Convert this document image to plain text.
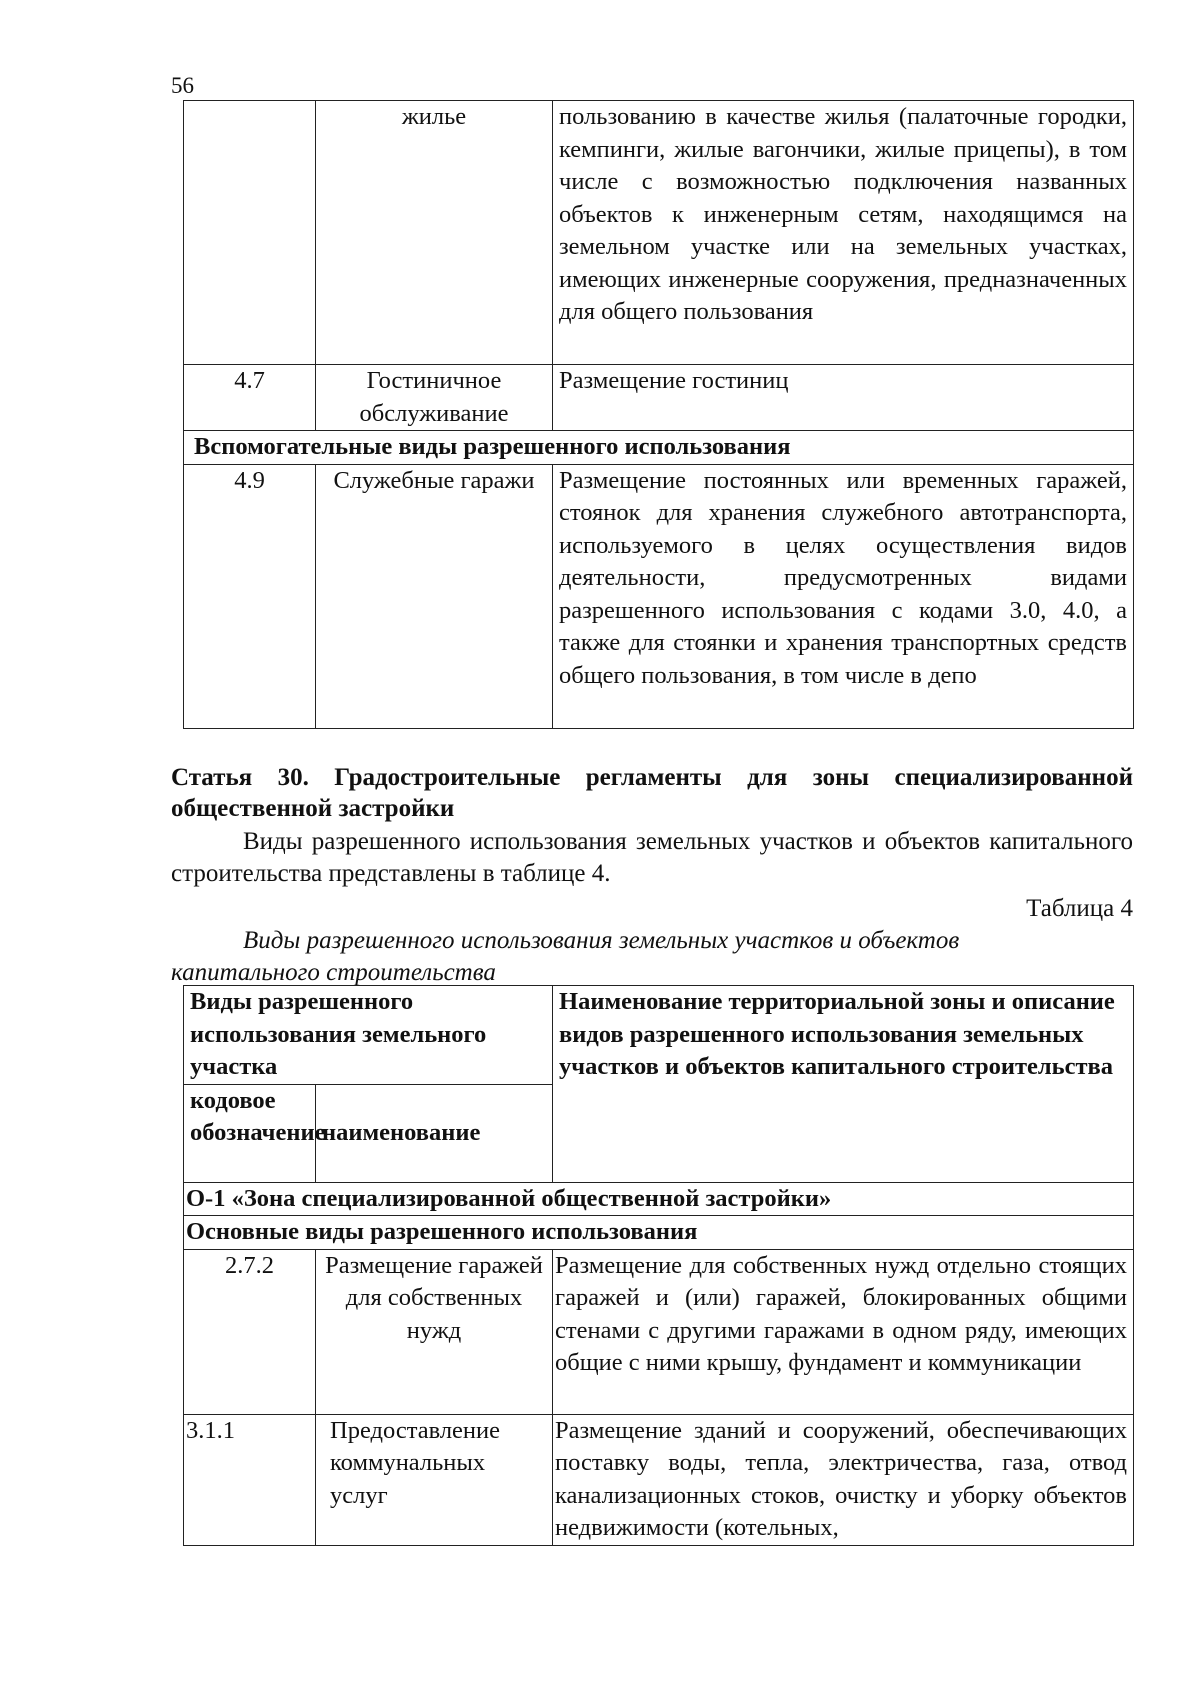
56
	жилье	пользованию в качестве жилья (палаточные городки, кемпинги, жилые вагончики, жилые прицепы), в том числе с возможностью подключения названных объектов к инженерным сетям, находящимся на земельном участке или на земельных участках, имеющих инженерные сооружения, предназначенных для общего пользования
4.7	Гостиничное обслуживание	Размещение гостиниц
Вспомогательные виды разрешенного использования		
4.9	Служебные гаражи	Размещение постоянных или временных гаражей, стоянок для хранения служебного автотранспорта, используемого в целях осуществления видов деятельности, предусмотренных видами разрешенного использования с кодами 3.0, 4.0, а также для стоянки и хранения транспортных средств общего пользования, в том числе в депо
Статья 30. Градостроительные регламенты для зоны специализированной общественной застройки
Виды разрешенного использования земельных участков и объектов капитального строительства представлены в таблице 4.
Таблица 4
Виды разрешенного использования земельных участков и объектов
капитального строительства
Виды разрешенного использования земельного участка		Наименование территориальной зоны и описание видов разрешенного использования земельных участков и объектов капитального строительства
кодовое обозначение	наименование	
О-1 «Зона специализированной общественной застройки»		
Основные виды разрешенного использования		
2.7.2	Размещение гаражей для собственных нужд	Размещение для собственных нужд отдельно стоящих гаражей и (или) гаражей, блокированных общими стенами с другими гаражами в одном ряду, имеющих общие с ними крышу, фундамент и коммуникации
3.1.1	Предоставление коммунальных услуг	Размещение зданий и сооружений, обеспечивающих поставку воды, тепла, электричества, газа, отвод канализационных стоков, очистку и уборку объектов недвижимости (котельных,
